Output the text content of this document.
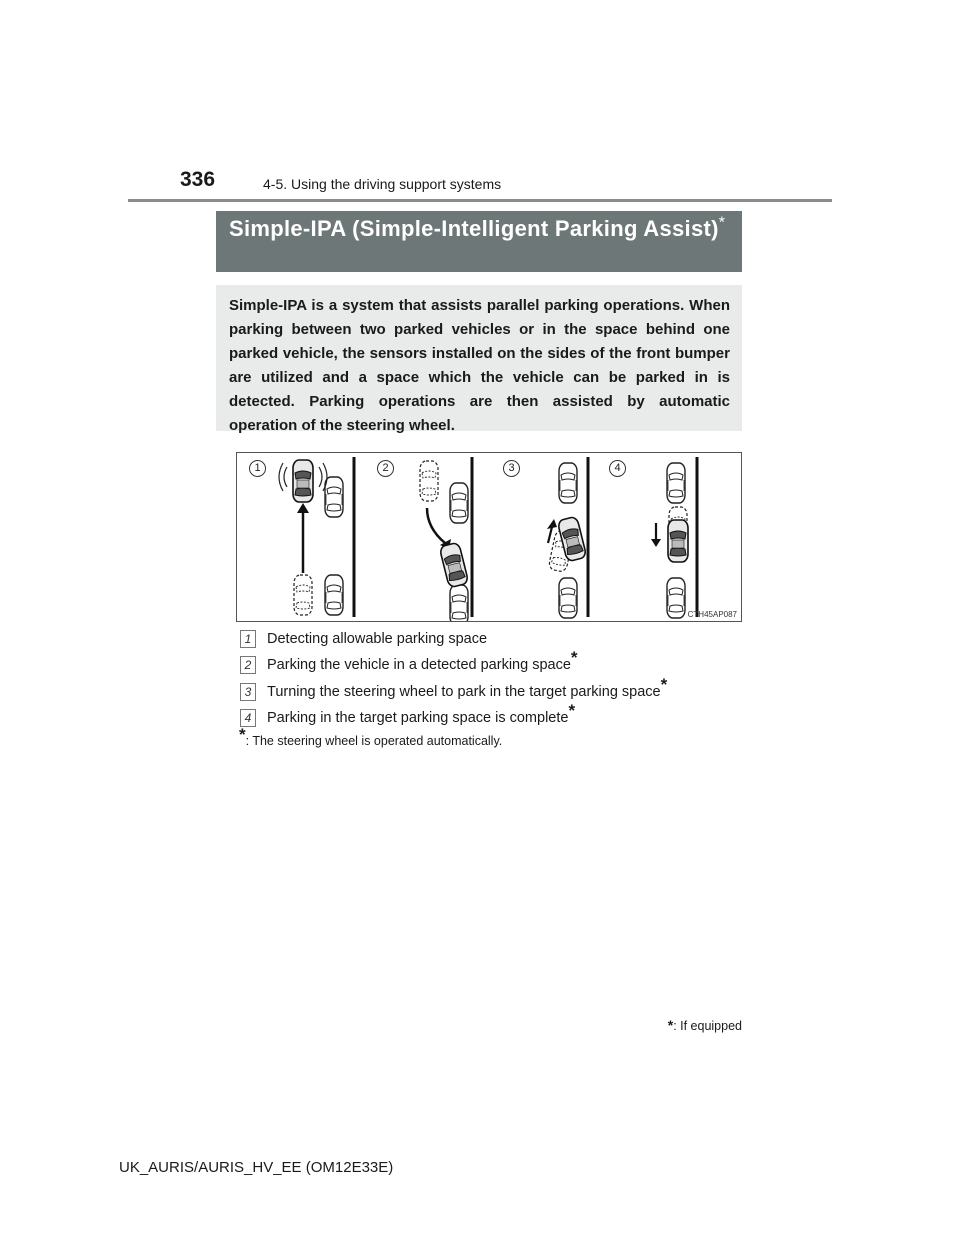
336	4-5. Using the driving support systems
Simple-IPA (Simple-Intelligent Parking Assist)*
Simple-IPA is a system that assists parallel parking operations. When parking between two parked vehicles or in the space behind one parked vehicle, the sensors installed on the sides of the front bumper are utilized and a space which the vehicle can be parked in is detected. Parking operations are then assisted by automatic operation of the steering wheel.
1	2	3	4
CTH45AP087
1	Detecting allowable parking space
2	Parking the vehicle in a detected parking space*
3	Turning the steering wheel to park in the target parking space*
4	Parking in the target parking space is complete*
*: The steering wheel is operated automatically.
*: If equipped
UK_AURIS/AURIS_HV_EE (OM12E33E)
